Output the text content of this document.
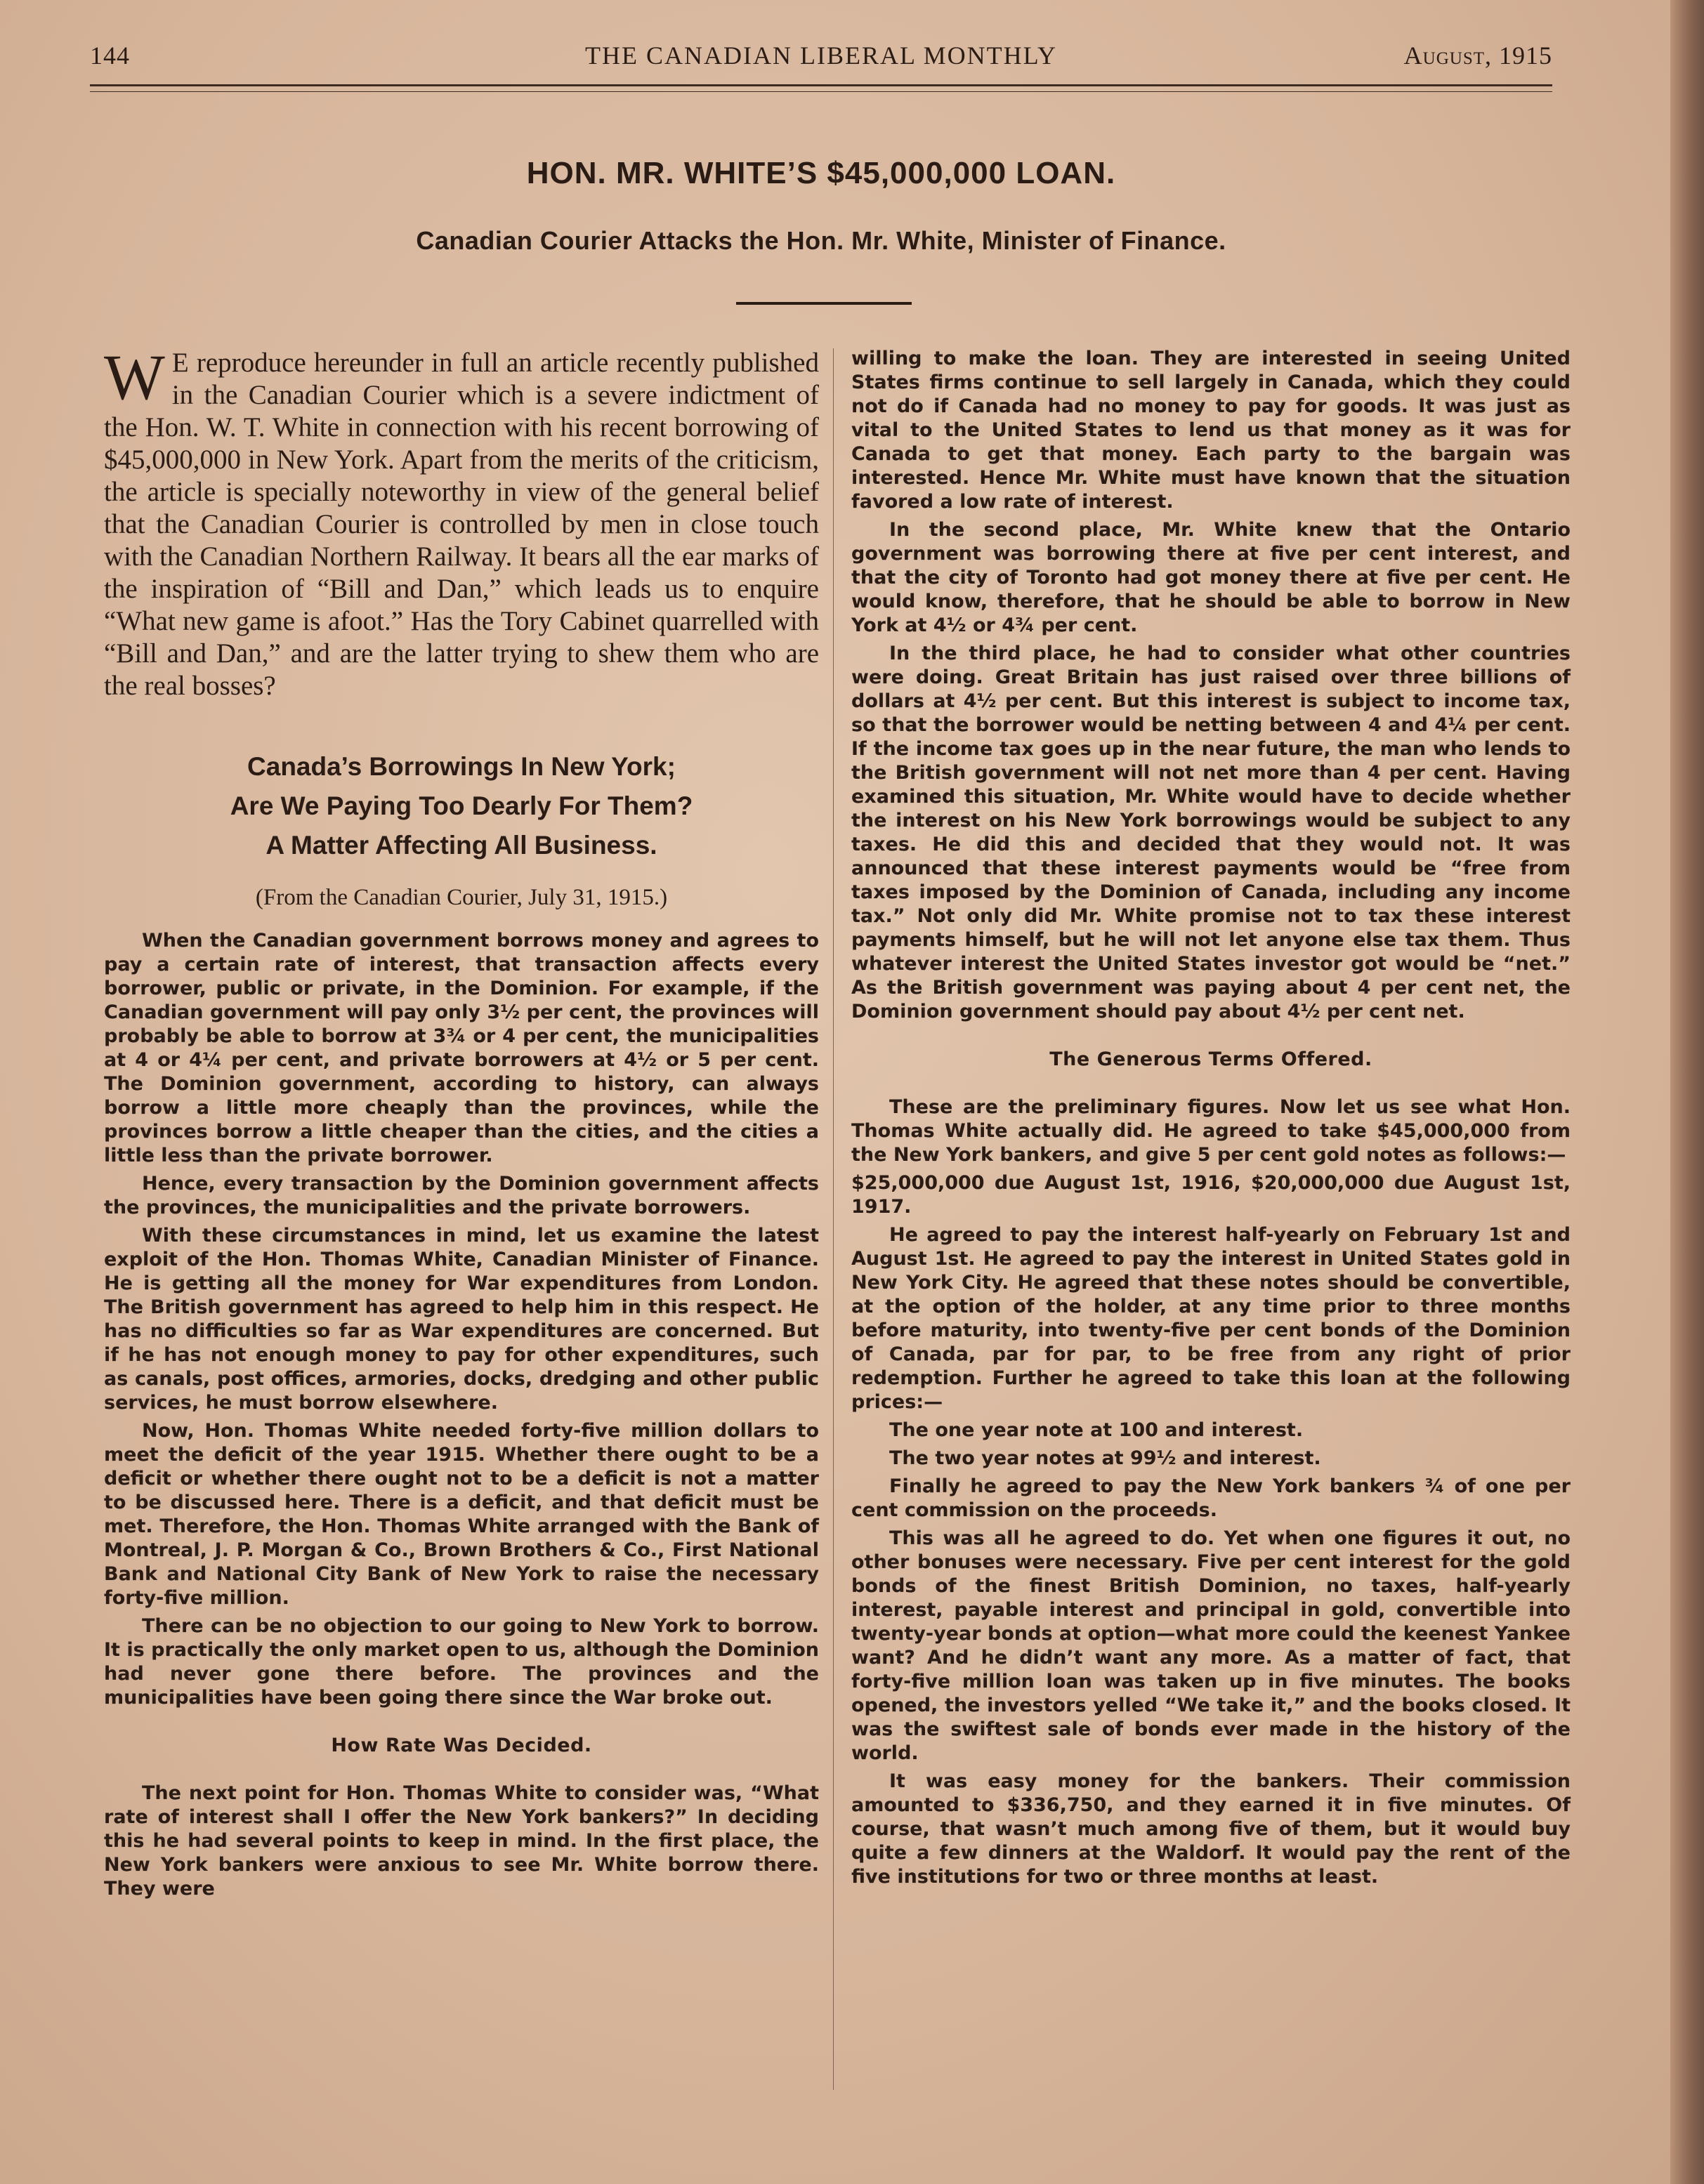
144	THE CANADIAN LIBERAL MONTHLY	August, 1915
HON. MR. WHITE’S $45,000,000 LOAN.
Canadian Courier Attacks the Hon. Mr. White, Minister of Finance.

W E reproduce hereunder in full an article recently published in the Canadian Courier which is a severe indictment of the Hon. W. T. White in connection with his recent borrowing of $45,000,000 in New York. Apart from the merits of the criticism, the article is specially noteworthy in view of the general belief that the Canadian Courier is controlled by men in close touch with the Canadian Northern Railway. It bears all the ear marks of the inspiration of “Bill and Dan,” which leads us to enquire “What new game is afoot.” Has the Tory Cabinet quarrelled with “Bill and Dan,” and are the latter trying to shew them who are the real bosses?

Canada’s Borrowings In New York;
Are We Paying Too Dearly For Them?
A Matter Affecting All Business.
(From the Canadian Courier, July 31, 1915.)

When the Canadian government borrows money and agrees to pay a certain rate of interest, that transaction affects every borrower, public or private, in the Dominion. For example, if the Canadian government will pay only 3½ per cent, the provinces will probably be able to borrow at 3¾ or 4 per cent, the municipalities at 4 or 4¼ per cent, and private borrowers at 4½ or 5 per cent. The Dominion government, according to history, can always borrow a little more cheaply than the provinces, while the provinces borrow a little cheaper than the cities, and the cities a little less than the private borrower.

Hence, every transaction by the Dominion government affects the provinces, the municipalities and the private borrowers.

With these circumstances in mind, let us examine the latest exploit of the Hon. Thomas White, Canadian Minister of Finance. He is getting all the money for War expenditures from London. The British government has agreed to help him in this respect. He has no difficulties so far as War expenditures are concerned. But if he has not enough money to pay for other expenditures, such as canals, post offices, armories, docks, dredging and other public services, he must borrow elsewhere.

Now, Hon. Thomas White needed forty-five million dollars to meet the deficit of the year 1915. Whether there ought to be a deficit or whether there ought not to be a deficit is not a matter to be discussed here. There is a deficit, and that deficit must be met. Therefore, the Hon. Thomas White arranged with the Bank of Montreal, J. P. Morgan & Co., Brown Brothers & Co., First National Bank and National City Bank of New York to raise the necessary forty-five million.

There can be no objection to our going to New York to borrow. It is practically the only market open to us, although the Dominion had never gone there before. The provinces and the municipalities have been going there since the War broke out.

How Rate Was Decided.

The next point for Hon. Thomas White to consider was, “What rate of interest shall I offer the New York bankers?” In deciding this he had several points to keep in mind. In the first place, the New York bankers were anxious to see Mr. White borrow there. They were

willing to make the loan. They are interested in seeing United States firms continue to sell largely in Canada, which they could not do if Canada had no money to pay for goods. It was just as vital to the United States to lend us that money as it was for Canada to get that money. Each party to the bargain was interested. Hence Mr. White must have known that the situation favored a low rate of interest.

In the second place, Mr. White knew that the Ontario government was borrowing there at five per cent interest, and that the city of Toronto had got money there at five per cent. He would know, therefore, that he should be able to borrow in New York at 4½ or 4¾ per cent.

In the third place, he had to consider what other countries were doing. Great Britain has just raised over three billions of dollars at 4½ per cent. But this interest is subject to income tax, so that the borrower would be netting between 4 and 4¼ per cent. If the income tax goes up in the near future, the man who lends to the British government will not net more than 4 per cent. Having examined this situation, Mr. White would have to decide whether the interest on his New York borrowings would be subject to any taxes. He did this and decided that they would not. It was announced that these interest payments would be “free from taxes imposed by the Dominion of Canada, including any income tax.” Not only did Mr. White promise not to tax these interest payments himself, but he will not let anyone else tax them. Thus whatever interest the United States investor got would be “net.” As the British government was paying about 4 per cent net, the Dominion government should pay about 4½ per cent net.

The Generous Terms Offered.

These are the preliminary figures. Now let us see what Hon. Thomas White actually did. He agreed to take $45,000,000 from the New York bankers, and give 5 per cent gold notes as follows:—

$25,000,000 due August 1st, 1916, $20,000,000 due August 1st, 1917.

He agreed to pay the interest half-yearly on February 1st and August 1st. He agreed to pay the interest in United States gold in New York City. He agreed that these notes should be convertible, at the option of the holder, at any time prior to three months before maturity, into twenty-five per cent bonds of the Dominion of Canada, par for par, to be free from any right of prior redemption. Further he agreed to take this loan at the following prices:—

The one year note at 100 and interest.

The two year notes at 99½ and interest.

Finally he agreed to pay the New York bankers ¾ of one per cent commission on the proceeds.

This was all he agreed to do. Yet when one figures it out, no other bonuses were necessary. Five per cent interest for the gold bonds of the finest British Dominion, no taxes, half-yearly interest, payable interest and principal in gold, convertible into twenty-year bonds at option—what more could the keenest Yankee want? And he didn’t want any more. As a matter of fact, that forty-five million loan was taken up in five minutes. The books opened, the investors yelled “We take it,” and the books closed. It was the swiftest sale of bonds ever made in the history of the world.

It was easy money for the bankers. Their commission amounted to $336,750, and they earned it in five minutes. Of course, that wasn’t much among five of them, but it would buy quite a few dinners at the Waldorf. It would pay the rent of the five institutions for two or three months at least.
